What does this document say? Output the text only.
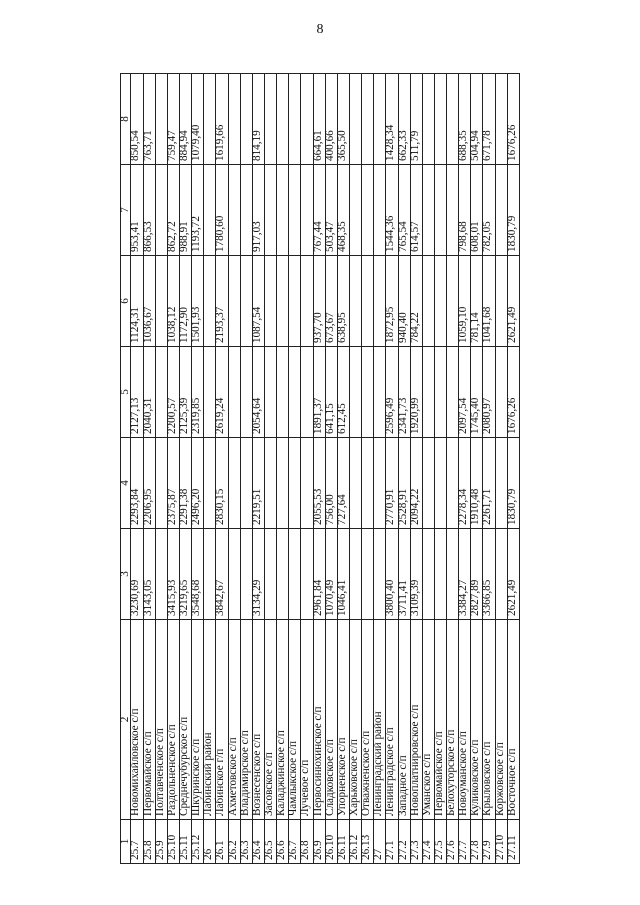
8
1	2	3	4	5	6	7	8
25.7	Новомихайловское с/п	3230,69	2293,84	2127,13	1124,31	953,41	850,54
25.8	Первомайское с/п	3143,05	2206,95	2040,31	1036,67	866,53	763,71
25.9	Полтавченское с/п						
25.10	Раздольненское с/п	3415,93	2375,87	2200,57	1038,12	862,72	759,47
25.11	Среднечубурское с/п	3219,65	2291,38	2125,39	1172,90	988,91	884,94
25.12	Шкуринское с/п	3548,68	2496,20	2319,85	1501,93	1193,72	1079,40
26	Лабинский район						
26.1	Лабинское г/п	3842,67	2830,15	2619,24	2193,37	1780,60	1619,66
26.2	Ахметовское с/п						
26.3	Владимирское с/п						
26.4	Вознесенское с/п	3134,29	2219,51	2054,64	1087,54	917,03	814,19
26.5	Засовское с/п						
26.6	Каладжинское с/п						
26.7	Чамлыкское с/п						
26.8	Лучевое с/п						
26.9	Первосинюхинское с/п	2961,84	2055,53	1891,37	937,70	767,44	664,61
26.10	Сладковское с/п	1070,49	756,00	641,15	673,67	503,47	400,66
26.11	Упорненское с/п	1046,41	727,64	612,45	638,95	468,35	365,50
26.12	Харьковское с/п						
26.13	Отважненское с/п						
27	Ленинградский район						
27.1	Ленинградское с/п	3800,40	2770,91	2596,49	1872,95	1544,36	1428,34
27.2	Западное с/п	3711,41	2528,91	2341,73	940,40	765,54	662,33
27.3	Новоплатнировское с/п	3109,39	2094,22	1920,99	784,22	614,57	511,79
27.4	Уманское с/п						
27.5	Первомайское с/п						
27.6	Белохуторское с/п						
27.7	Новоуманское с/п	3384,27	2278,34	2097,54	1059,10	798,68	688,35
27.8	Куликовское с/п	2827,89	1910,48	1745,40	781,14	608,01	504,94
27.9	Крыловское с/п	3366,85	2261,71	2080,97	1041,68	782,05	671,78
27.10	Коржовское с/п						
27.11	Восточное с/п	2621,49	1830,79	1676,26	2621,49	1830,79	1676,26
